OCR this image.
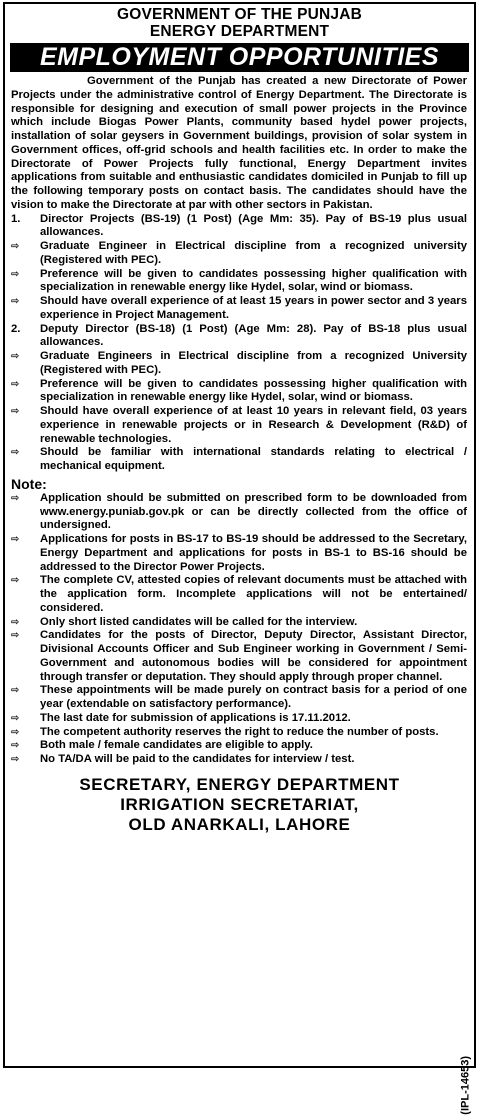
GOVERNMENT OF THE PUNJAB
ENERGY DEPARTMENT
EMPLOYMENT OPPORTUNITIES

Government of the Punjab has created a new Directorate of Power Projects under the administrative control of Energy Department. The Directorate is responsible for designing and execution of small power projects in the Province which include Biogas Power Plants, community based hydel power projects, installation of solar geysers in Government buildings, provision of solar system in Government offices, off-grid schools and health facilities etc. In order to make the Directorate of Power Projects fully functional, Energy Department invites applications from suitable and enthusiastic candidates domiciled in Punjab to fill up the following temporary posts on contact basis. The candidates should have the vision to make the Directorate at par with other sectors in Pakistan.

1.	Director Projects (BS-19) (1 Post) (Age Mm: 35). Pay of BS-19 plus usual allowances.
⇨	Graduate Engineer in Electrical discipline from a recognized university (Registered with PEC).
⇨	Preference will be given to candidates possessing higher qualification with specialization in renewable energy like Hydel, solar, wind or biomass.
⇨	Should have overall experience of at least 15 years in power sector and 3 years experience in Project Management.
2.	Deputy Director (BS-18) (1 Post) (Age Mm: 28). Pay of BS-18 plus usual allowances.
⇨	Graduate Engineers in Electrical discipline from a recognized University (Registered with PEC).
⇨	Preference will be given to candidates possessing higher qualification with specialization in renewable energy like Hydel, solar, wind or biomass.
⇨	Should have overall experience of at least 10 years in relevant field, 03 years experience in renewable projects or in Research & Development (R&D) of renewable technologies.
⇨	Should be familiar with international standards relating to electrical / mechanical equipment.
Note:
⇨	Application should be submitted on prescribed form to be downloaded from www.energy.puniab.gov.pk or can be directly collected from the office of undersigned.
⇨	Applications for posts in BS-17 to BS-19 should be addressed to the Secretary, Energy Department and applications for posts in BS-1 to BS-16 should be addressed to the Director Power Projects.
⇨	The complete CV, attested copies of relevant documents must be attached with the application form. Incomplete applications will not be entertained/ considered.
⇨	Only short listed candidates will be called for the interview.
⇨	Candidates for the posts of Director, Deputy Director, Assistant Director, Divisional Accounts Officer and Sub Engineer working in Government / Semi-Government and autonomous bodies will be considered for appointment through transfer or deputation. They should apply through proper channel.
⇨	These appointments will be made purely on contract basis for a period of one year (extendable on satisfactory performance).
⇨	The last date for submission of applications is 17.11.2012.
⇨	The competent authority reserves the right to reduce the number of posts.
⇨	Both male / female candidates are eligible to apply.
⇨	No TA/DA will be paid to the candidates for interview / test.
SECRETARY, ENERGY DEPARTMENT
IRRIGATION SECRETARIAT,
OLD ANARKALI, LAHORE
(IPL-14653)
